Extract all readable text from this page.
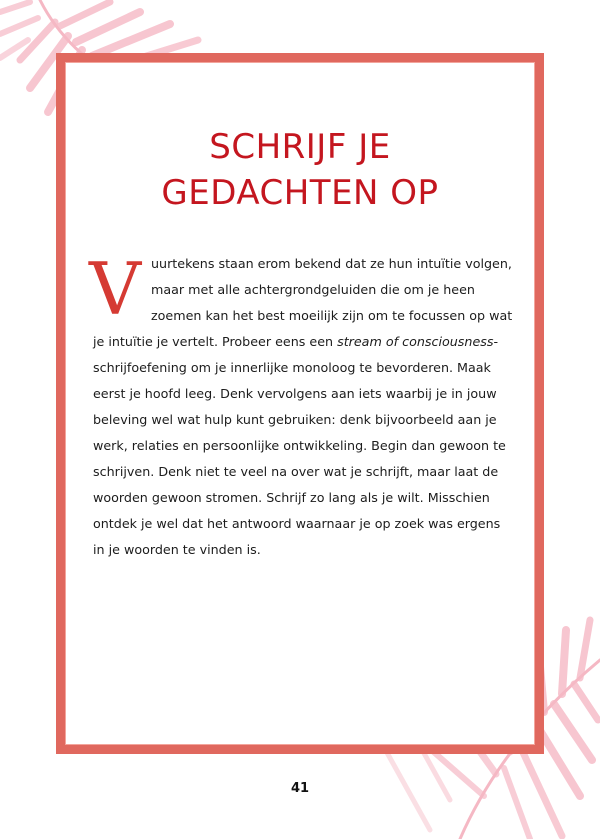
SCHRIJF JE
GEDACHTEN OP
V uurtekens staan erom bekend dat ze hun intuïtie volgen, maar met alle achtergrondgeluiden die om je heen zoemen kan het best moeilijk zijn om te focussen op wat je intuïtie je vertelt. Probeer eens een stream of consciousness-schrijfoefening om je innerlijke monoloog te bevorderen. Maak eerst je hoofd leeg. Denk vervolgens aan iets waarbij je in jouw beleving wel wat hulp kunt gebruiken: denk bijvoorbeeld aan je werk, relaties en persoonlijke ontwikkeling. Begin dan gewoon te schrijven. Denk niet te veel na over wat je schrijft, maar laat de woorden gewoon stromen. Schrijf zo lang als je wilt. Misschien ontdek je wel dat het antwoord waarnaar je op zoek was ergens in je woorden te vinden is.

41
